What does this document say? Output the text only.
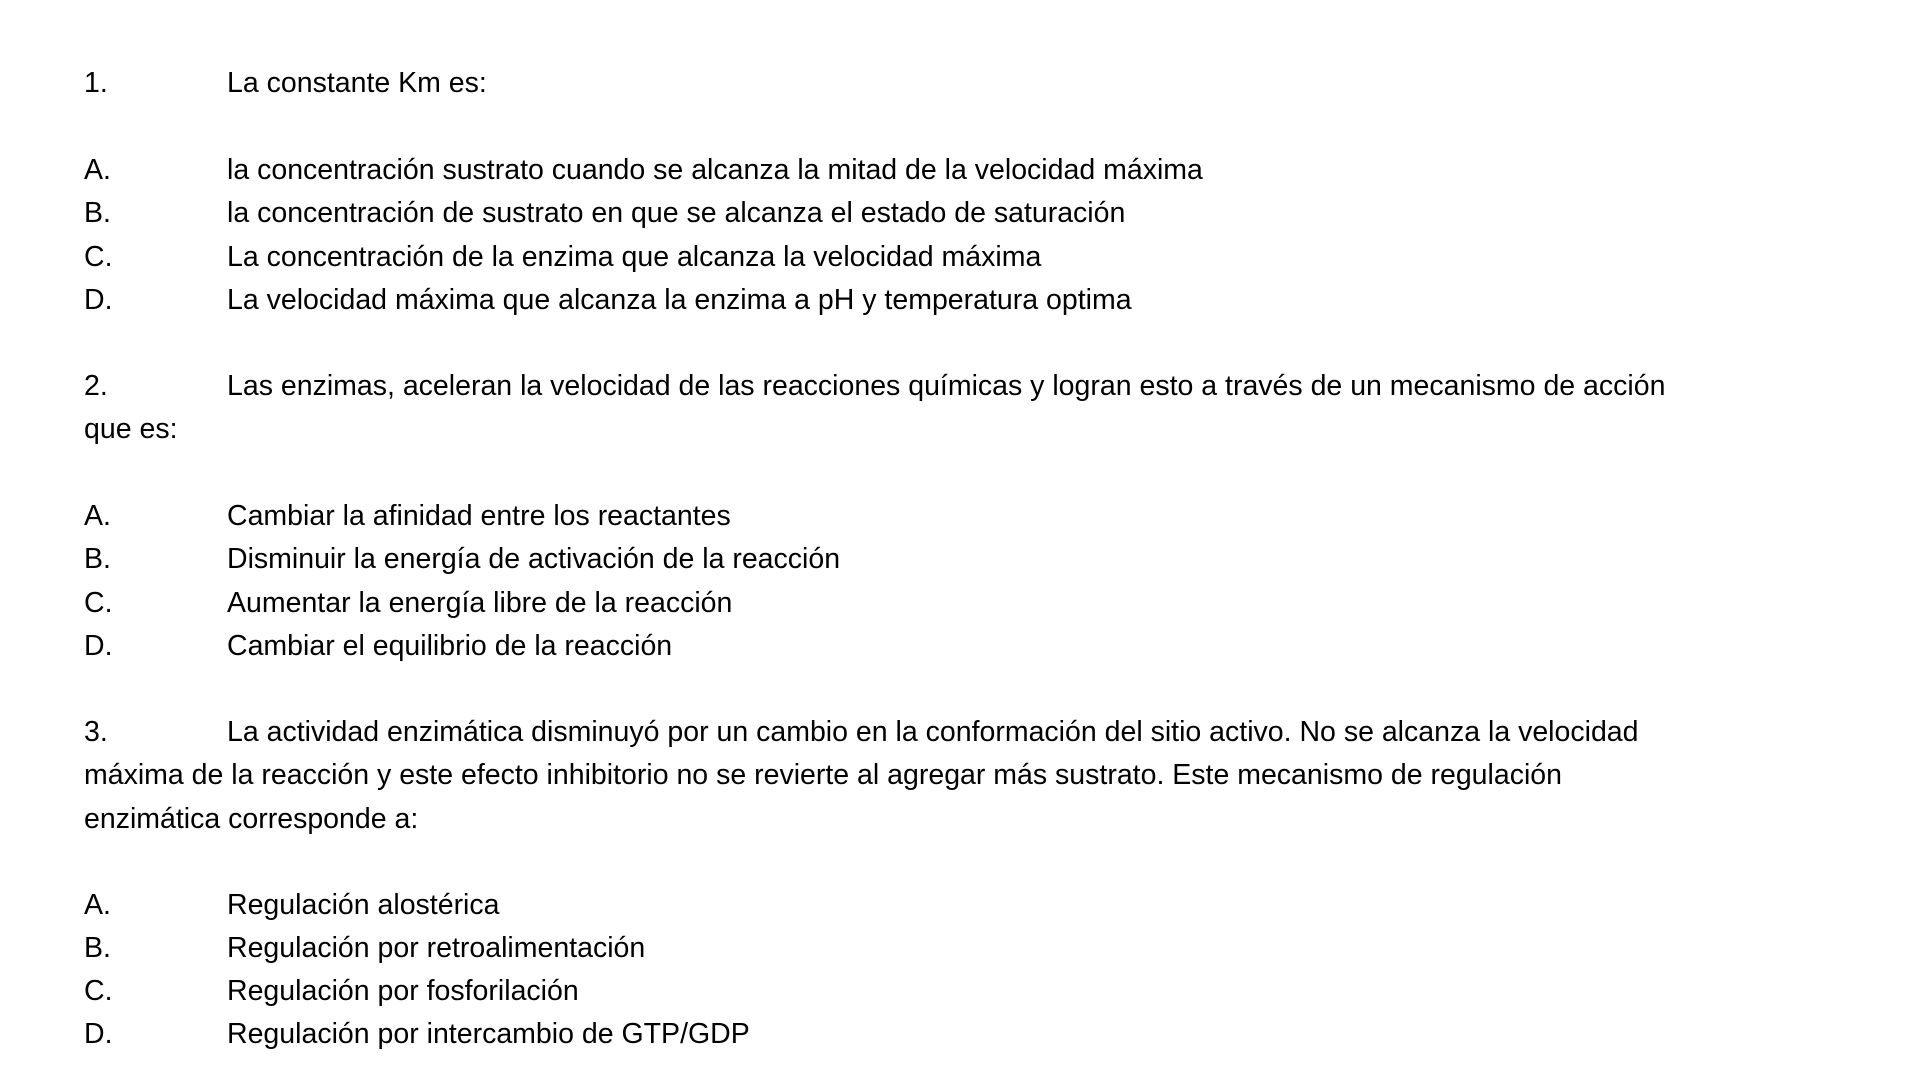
1.	La constante Km es:
A.	la concentración sustrato cuando se alcanza la mitad de la velocidad máxima
B.	la concentración de sustrato en que se alcanza el estado de saturación
C.	La concentración de la enzima que alcanza la velocidad máxima
D.	La velocidad máxima que alcanza la enzima a pH y temperatura optima
2.	Las enzimas, aceleran la velocidad de las reacciones químicas y logran esto a través de un mecanismo de acción
que es:
A.	Cambiar la afinidad entre los reactantes
B.	Disminuir la energía de activación de la reacción
C.	Aumentar la energía libre de la reacción
D.	Cambiar el equilibrio de la reacción
3.	La actividad enzimática disminuyó por un cambio en la conformación del sitio activo. No se alcanza la velocidad
máxima de la reacción y este efecto inhibitorio no se revierte al agregar más sustrato. Este mecanismo de regulación
enzimática corresponde a:
A.	Regulación alostérica
B.	Regulación por retroalimentación
C.	Regulación por fosforilación
D.	Regulación por intercambio de GTP/GDP
